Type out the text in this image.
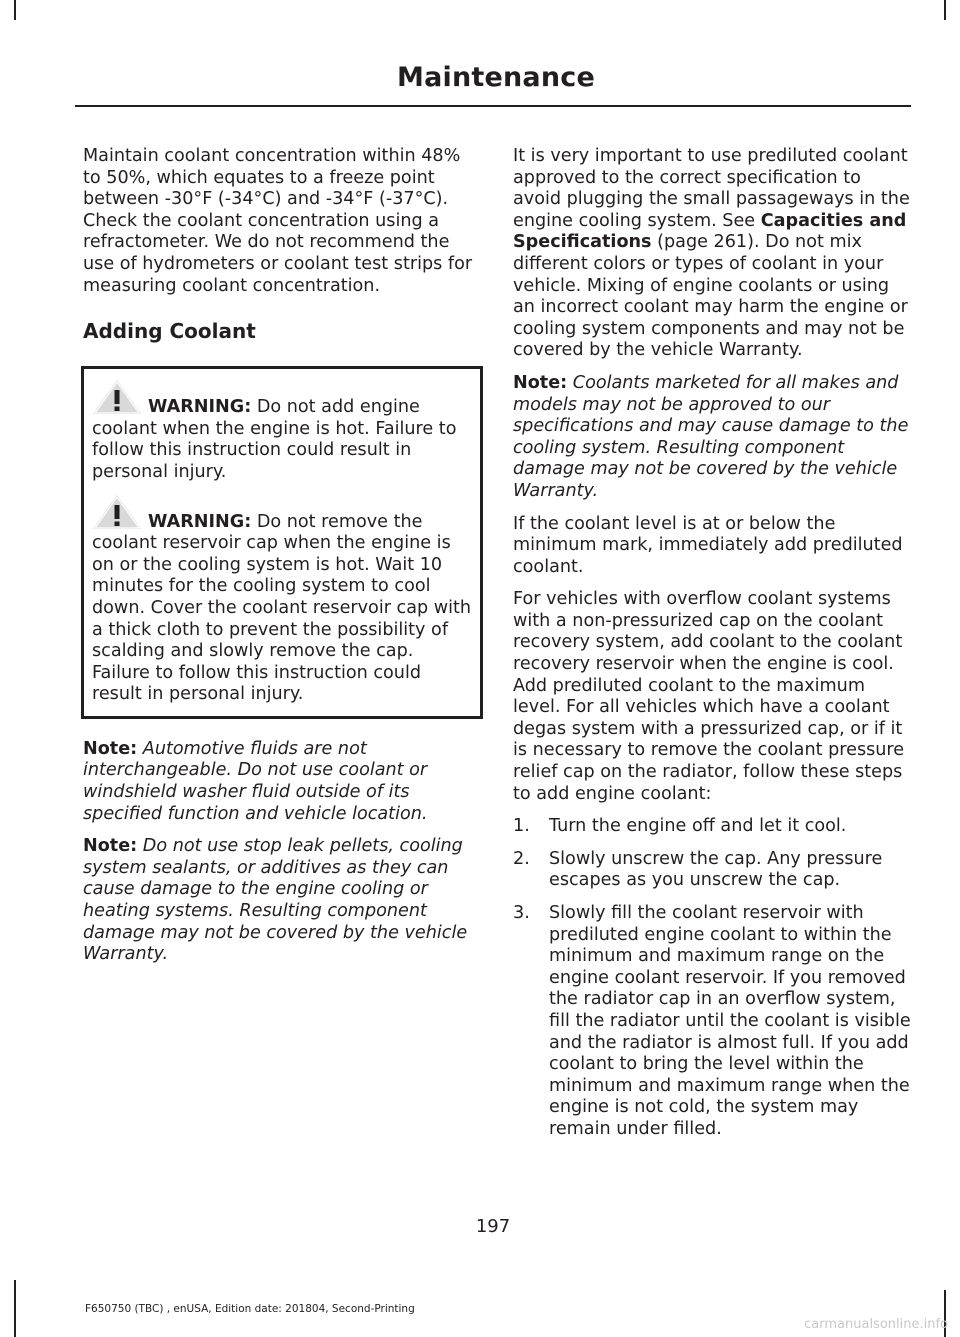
Maintenance

Maintain coolant concentration within 48% to 50%, which equates to a freeze point between -30°F (-34°C) and -34°F (-37°C). Check the coolant concentration using a refractometer. We do not recommend the use of hydrometers or coolant test strips for measuring coolant concentration.

Adding Coolant

WARNING: Do not add engine coolant when the engine is hot. Failure to follow this instruction could result in personal injury.

WARNING: Do not remove the coolant reservoir cap when the engine is on or the cooling system is hot. Wait 10 minutes for the cooling system to cool down. Cover the coolant reservoir cap with a thick cloth to prevent the possibility of scalding and slowly remove the cap. Failure to follow this instruction could result in personal injury.

Note: Automotive fluids are not interchangeable. Do not use coolant or windshield washer fluid outside of its specified function and vehicle location.

Note: Do not use stop leak pellets, cooling system sealants, or additives as they can cause damage to the engine cooling or heating systems. Resulting component damage may not be covered by the vehicle Warranty.

It is very important to use prediluted coolant approved to the correct specification to avoid plugging the small passageways in the engine cooling system. See Capacities and Specifications (page 261). Do not mix different colors or types of coolant in your vehicle. Mixing of engine coolants or using an incorrect coolant may harm the engine or cooling system components and may not be covered by the vehicle Warranty.

Note: Coolants marketed for all makes and models may not be approved to our specifications and may cause damage to the cooling system. Resulting component damage may not be covered by the vehicle Warranty.

If the coolant level is at or below the minimum mark, immediately add prediluted coolant.

For vehicles with overflow coolant systems with a non-pressurized cap on the coolant recovery system, add coolant to the coolant recovery reservoir when the engine is cool. Add prediluted coolant to the maximum level. For all vehicles which have a coolant degas system with a pressurized cap, or if it is necessary to remove the coolant pressure relief cap on the radiator, follow these steps to add engine coolant:

1. Turn the engine off and let it cool.
2. Slowly unscrew the cap. Any pressure escapes as you unscrew the cap.
3. Slowly fill the coolant reservoir with prediluted engine coolant to within the minimum and maximum range on the engine coolant reservoir. If you removed the radiator cap in an overflow system, fill the radiator until the coolant is visible and the radiator is almost full. If you add coolant to bring the level within the minimum and maximum range when the engine is not cold, the system may remain under filled.

197

F650750 (TBC) , enUSA, Edition date: 201804, Second-Printing

carmanualsonline.info
